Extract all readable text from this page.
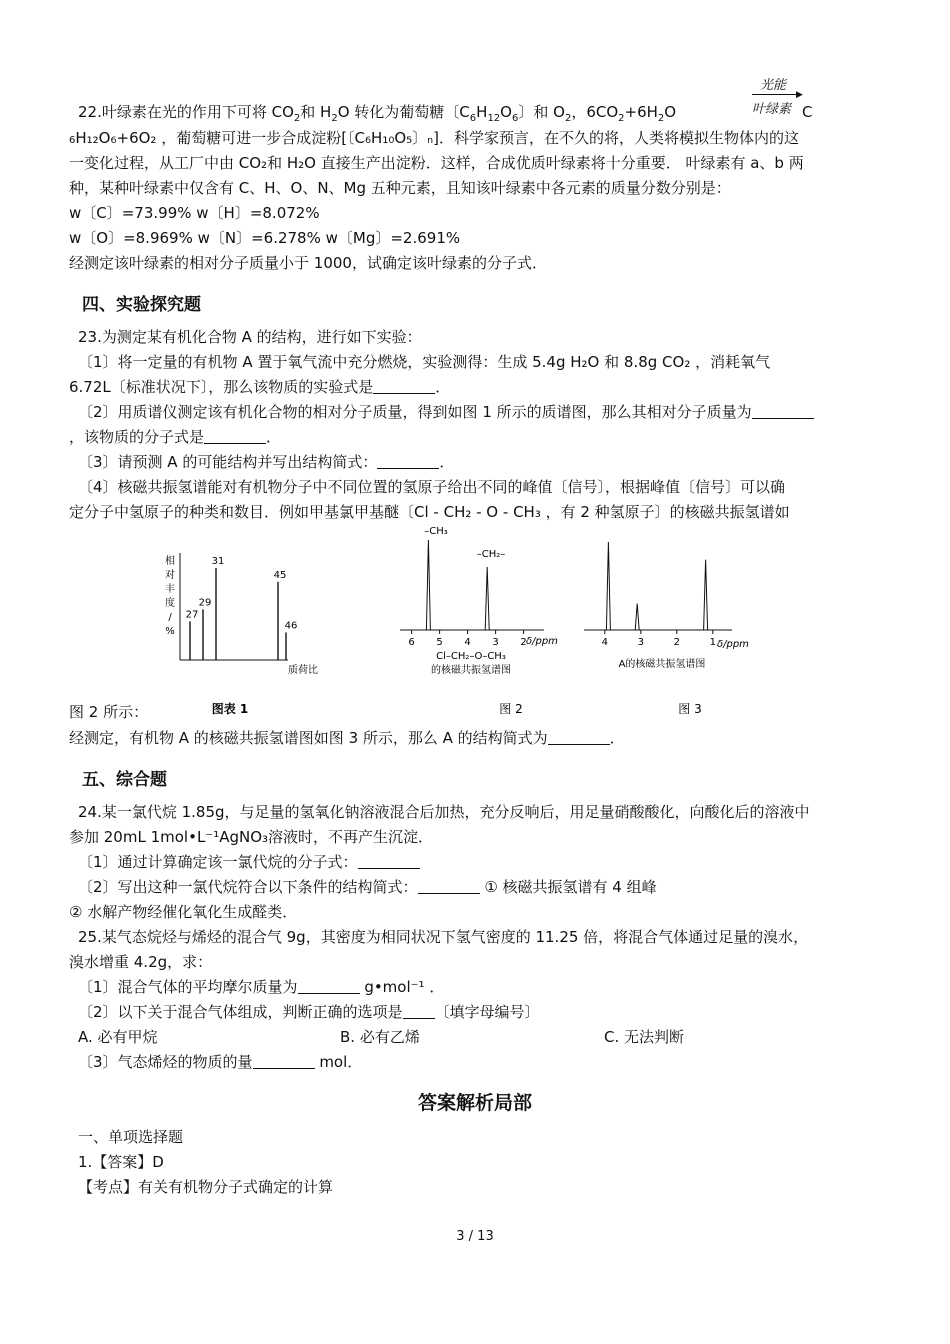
22.叶绿素在光的作用下可将 $CO_2$和 $H_2O$ 转化为葡萄糖〔$C_6H_{12}O_6$〕和 $O_2$，$6CO_2+6H_2O$
光能
▶
叶绿素 C
6H₁₂O₆+6O₂ ，葡萄糖可进一步合成淀粉[〔C₆H₁₀O₅〕ₙ]．科学家预言，在不久的将，人类将模拟生物体内的这
一变化过程，从工厂中由 CO₂和 H₂O 直接生产出淀粉．这样，合成优质叶绿素将十分重要． 叶绿素有 a、b 两
种，某种叶绿素中仅含有 C、H、O、N、Mg 五种元素，且知该叶绿素中各元素的质量分数分别是：
w〔C〕=73.99% w〔H〕=8.072%
w〔O〕=8.969% w〔N〕=6.278% w〔Mg〕=2.691%
经测定该叶绿素的相对分子质量小于 1000，试确定该叶绿素的分子式．
四、实验探究题
23.为测定某有机化合物 A 的结构，进行如下实验：
〔1〕将一定量的有机物 A 置于氧气流中充分燃烧，实验测得：生成 5.4g H₂O 和 8.8g CO₂ ，消耗氧气
6.72L〔标准状况下〕，那么该物质的实验式是	．
〔2〕用质谱仪测定该有机化合物的相对分子质量，得到如图 1 所示的质谱图，那么其相对分子质量为
，该物质的分子式是	．
〔3〕请预测 A 的可能结构并写出结构简式：	．
〔4〕核磁共振氢谱能对有机物分子中不同位置的氢原子给出不同的峰值〔信号〕，根据峰值〔信号〕可以确
定分子中氢原子的种类和数目．例如甲基氯甲基醚〔Cl - CH₂ - O - CH₃ ，有 2 种氢原子〕的核磁共振氢谱如
相
对
丰
度
/
%
27
29
31
45
46
质荷比
图表 1
–CH₃
–CH₂–
6 5 4 3 2 δ/ppm
Cl–CH₂–O–CH₃
的核磁共振氢谱图
图 2
4	3	2	1 δ/ppm
A的核磁共振氢谱图
图 3
图 2 所示：
经测定，有机物 A 的核磁共振氢谱图如图 3 所示，那么 A 的结构简式为	．
五、综合题
24.某一氯代烷 1.85g，与足量的氢氧化钠溶液混合后加热，充分反响后，用足量硝酸酸化，向酸化后的溶液中
参加 20mL 1mol•L⁻¹AgNO₃溶液时，不再产生沉淀．
〔1〕通过计算确定该一氯代烷的分子式：
〔2〕写出这种一氯代烷符合以下条件的结构简式：	① 核磁共振氢谱有 4 组峰
② 水解产物经催化氧化生成醛类．
25.某气态烷烃与烯烃的混合气 9g，其密度为相同状况下氢气密度的 11.25 倍，将混合气体通过足量的溴水，
溴水增重 4.2g，求：
〔1〕混合气体的平均摩尔质量为	g•mol⁻¹ ．
〔2〕以下关于混合气体组成，判断正确的选项是 〔填字母编号〕
A. 必有甲烷	B. 必有乙烯	C. 无法判断
〔3〕气态烯烃的物质的量	mol．
答案解析局部
一、单项选择题
1.【答案】D
【考点】有关有机物分子式确定的计算
3 / 13
